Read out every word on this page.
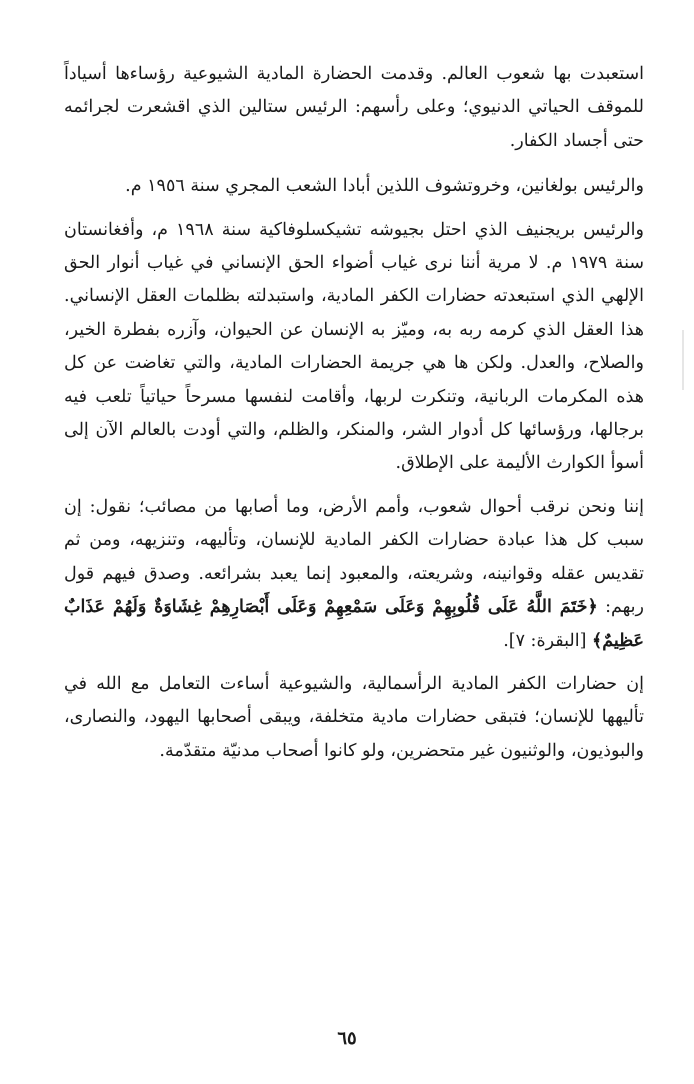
استعبدت بها شعوب العالم. وقدمت الحضارة المادية الشيوعية رؤساءها أسياداً للموقف الحياتي الدنيوي؛ وعلى رأسهم: الرئيس ستالين الذي اقشعرت لجرائمه حتى أجساد الكفار.

والرئيس بولغانين، وخروتشوف اللذين أبادا الشعب المجري سنة ١٩٥٦ م.

والرئيس بريجنيف الذي احتل بجيوشه تشيكسلوفاكية سنة ١٩٦٨ م، وأفغانستان سنة ١٩٧٩ م. لا مرية أننا نرى غياب أضواء الحق الإنساني في غياب أنوار الحق الإلهي الذي استبعدته حضارات الكفر المادية، واستبدلته بظلمات العقل الإنساني. هذا العقل الذي كرمه ربه به، وميّز به الإنسان عن الحيوان، وآزره بفطرة الخير، والصلاح، والعدل. ولكن ها هي جريمة الحضارات المادية، والتي تغاضت عن كل هذه المكرمات الربانية، وتنكرت لربها، وأقامت لنفسها مسرحاً حياتياً تلعب فيه برجالها، ورؤسائها كل أدوار الشر، والمنكر، والظلم، والتي أودت بالعالم الآن إلى أسوأ الكوارث الأليمة على الإطلاق.

إننا ونحن نرقب أحوال شعوب، وأمم الأرض، وما أصابها من مصائب؛ نقول: إن سبب كل هذا عبادة حضارات الكفر المادية للإنسان، وتأليهه، وتنزيهه، ومن ثم تقديس عقله وقوانينه، وشريعته، والمعبود إنما يعبد بشرائعه. وصدق فيهم قول ربهم: ﴿خَتَمَ اللَّهُ عَلَى قُلُوبِهِمْ وَعَلَى سَمْعِهِمْ وَعَلَى أَبْصَارِهِمْ غِشَاوَةٌ وَلَهُمْ عَذَابٌ عَظِيمٌ﴾ [البقرة: ٧].

إن حضارات الكفر المادية الرأسمالية، والشيوعية أساءت التعامل مع الله في تأليهها للإنسان؛ فتبقى حضارات مادية متخلفة، ويبقى أصحابها اليهود، والنصارى، والبوذيون، والوثنيون غير متحضرين، ولو كانوا أصحاب مدنيّة متقدّمة.

٦٥
